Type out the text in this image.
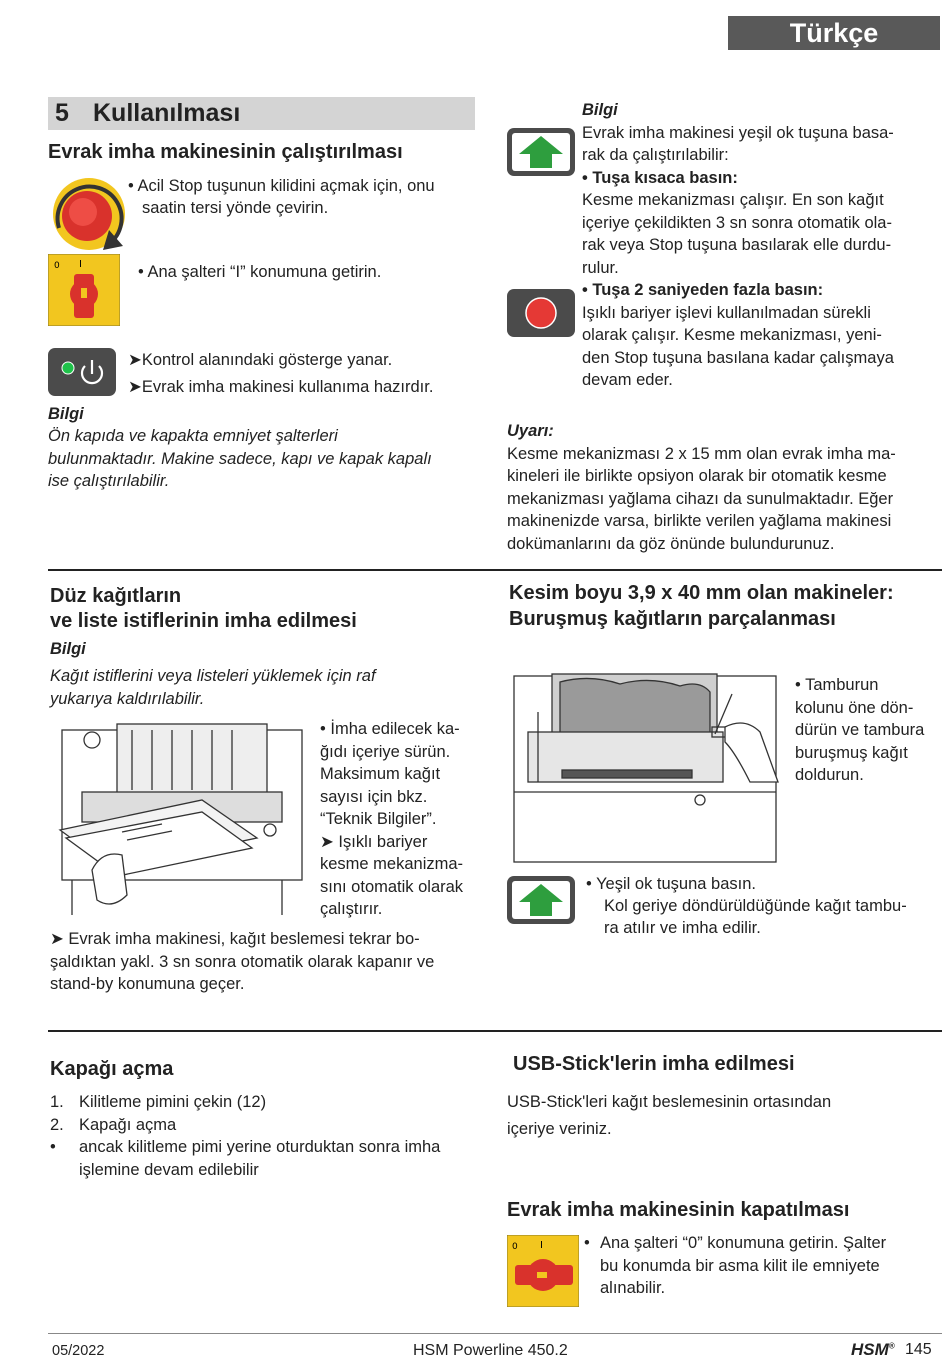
Türkçe
5 Kullanılması
Evrak imha makinesinin çalıştırılması
• Acil Stop tuşunun kilidini açmak için, onu
saatin tersi yönde çevirin.
0 I	• Ana şalteri “I” konumuna getirin.
➤Kontrol alanındaki gösterge yanar.
➤Evrak imha makinesi kullanıma hazırdır.
Bilgi
Ön kapıda ve kapakta emniyet şalterleri
bulunmaktadır. Makine sadece, kapı ve kapak kapalı
ise çalıştırılabilir.
Bilgi
Evrak imha makinesi yeşil ok tuşuna basa-
rak da çalıştırılabilir:
• Tuşa kısaca basın:
Kesme mekanizması çalışır. En son kağıt
içeriye çekildikten 3 sn sonra otomatik ola-
rak veya Stop tuşuna basılarak elle durdu-
rulur.
• Tuşa 2 saniyeden fazla basın:
Işıklı bariyer işlevi kullanılmadan sürekli
olarak çalışır. Kesme mekanizması, yeni-
den Stop tuşuna basılana kadar çalışmaya
devam eder.
Uyarı:
Kesme mekanizması 2 x 15 mm olan evrak imha ma-
kineleri ile birlikte opsiyon olarak bir otomatik kesme
mekanizması yağlama cihazı da sunulmaktadır. Eğer
makinenizde varsa, birlikte verilen yağlama makinesi
dokümanlarını da göz önünde bulundurunuz.
Düz kağıtların
ve liste istiflerinin imha edilmesi
Bilgi
Kağıt istiflerini veya listeleri yüklemek için raf
yukarıya kaldırılabilir.
• İmha edilecek ka-
ğıdı içeriye sürün.
Maksimum kağıt
sayısı için bkz.
“Teknik Bilgiler”.
➤ Işıklı bariyer
kesme mekanizma-
sını otomatik olarak
çalıştırır.
➤ Evrak imha makinesi, kağıt beslemesi tekrar bo-
şaldıktan yakl. 3 sn sonra otomatik olarak kapanır ve
stand-by konumuna geçer.
Kesim boyu 3,9 x 40 mm olan makineler:
Buruşmuş kağıtların parçalanması
• Tamburun
kolunu öne dön-
dürün ve tambura
buruşmuş kağıt
doldurun.
• Yeşil ok tuşuna basın.
Kol geriye döndürüldüğünde kağıt tambu-
ra atılır ve imha edilir.
Kapağı açma
1. Kilitleme pimini çekin (12)
2. Kapağı açma
•	ancak kilitleme pimi yerine oturduktan sonra imha
işlemine devam edilebilir
USB-Stick'lerin imha edilmesi
USB-Stick'leri kağıt beslemesinin ortasından
içeriye veriniz.
Evrak imha makinesinin kapatılması
0 I • Ana şalteri “0” konumuna getirin. Şalter
bu konumda bir asma kilit ile emniyete
alınabilir.
05/2022	HSM Powerline 450.2	HSM® 145
